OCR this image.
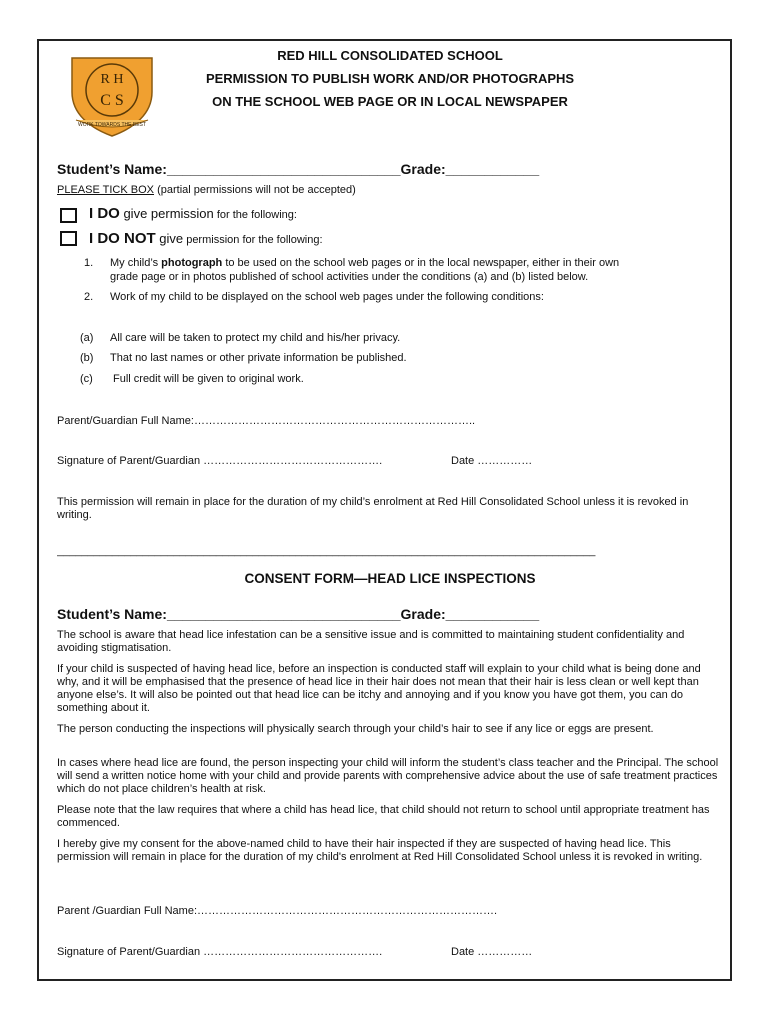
R H
C S
WORK TOWARDS THE BEST
RED HILL CONSOLIDATED SCHOOL
PERMISSION TO PUBLISH WORK AND/OR PHOTOGRAPHS
ON THE SCHOOL WEB PAGE OR IN LOCAL NEWSPAPER
Student’s Name:______________________________Grade:____________
PLEASE TICK BOX (partial permissions will not be accepted)
I DO give permission for the following:
I DO NOT give permission for the following:
1. My child’s photograph to be used on the school web pages or in the local newspaper, either in their own
grade page or in photos published of school activities under the conditions (a) and (b) listed below.
2. Work of my child to be displayed on the school web pages under the following conditions:
(a) All care will be taken to protect my child and his/her privacy.
(b) That no last names or other private information be published.
(c) Full credit will be given to original work.
Parent/Guardian Full Name:…………………………………………………………………..
Signature of Parent/Guardian ………………………………………….	Date ……………
This permission will remain in place for the duration of my child’s enrolment at Red Hill Consolidated School unless it is revoked in writing.
________________________________________________________________________________________
CONSENT FORM—HEAD LICE INSPECTIONS
Student’s Name:______________________________Grade:____________
The school is aware that head lice infestation can be a sensitive issue and is committed to maintaining student confidentiality and avoiding stigmatisation.
If your child is suspected of having head lice, before an inspection is conducted staff will explain to your child what is being done and why, and it will be emphasised that the presence of head lice in their hair does not mean that their hair is less clean or well kept than anyone else’s. It will also be pointed out that head lice can be itchy and annoying and if you know you have got them, you can do something about it.
The person conducting the inspections will physically search through your child’s hair to see if any lice or eggs are present.
In cases where head lice are found, the person inspecting your child will inform the student’s class teacher and the Principal. The school will send a written notice home with your child and provide parents with comprehensive advice about the use of safe treatment practices which do not place children’s health at risk.
Please note that the law requires that where a child has head lice, that child should not return to school until appropriate treatment has commenced.
I hereby give my consent for the above-named child to have their hair inspected if they are suspected of having head lice. This permission will remain in place for the duration of my child's enrolment at Red Hill Consolidated School unless it is revoked in writing.
Parent /Guardian Full Name:……………………………………………………………………….
Signature of Parent/Guardian ………………………………………….	Date ……………
